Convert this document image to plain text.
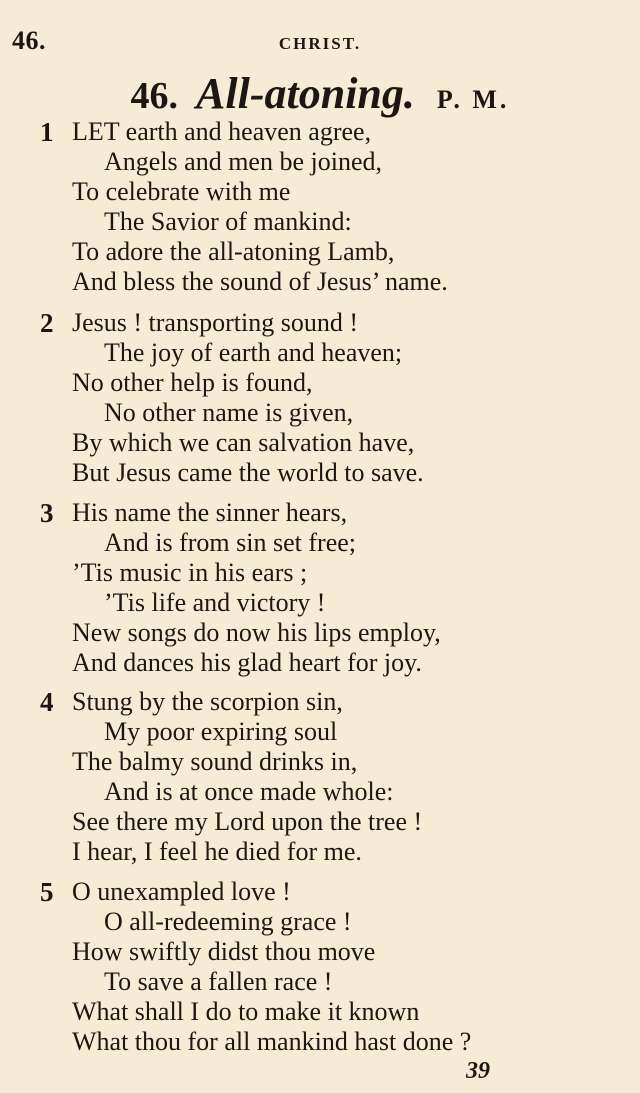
46.	CHRIST.
46. All-atoning. P. M.
1 LET earth and heaven agree,
Angels and men be joined,
To celebrate with me
The Savior of mankind:
To adore the all-atoning Lamb,
And bless the sound of Jesus’ name.
2 Jesus ! transporting sound !
The joy of earth and heaven;
No other help is found,
No other name is given,
By which we can salvation have,
But Jesus came the world to save.
3 His name the sinner hears,
And is from sin set free;
’Tis music in his ears ;
’Tis life and victory !
New songs do now his lips employ,
And dances his glad heart for joy.
4 Stung by the scorpion sin,
My poor expiring soul
The balmy sound drinks in,
And is at once made whole:
See there my Lord upon the tree !
I hear, I feel he died for me.
5 O unexampled love !
O all-redeeming grace !
How swiftly didst thou move
To save a fallen race !
What shall I do to make it known
What thou for all mankind hast done ?
39
